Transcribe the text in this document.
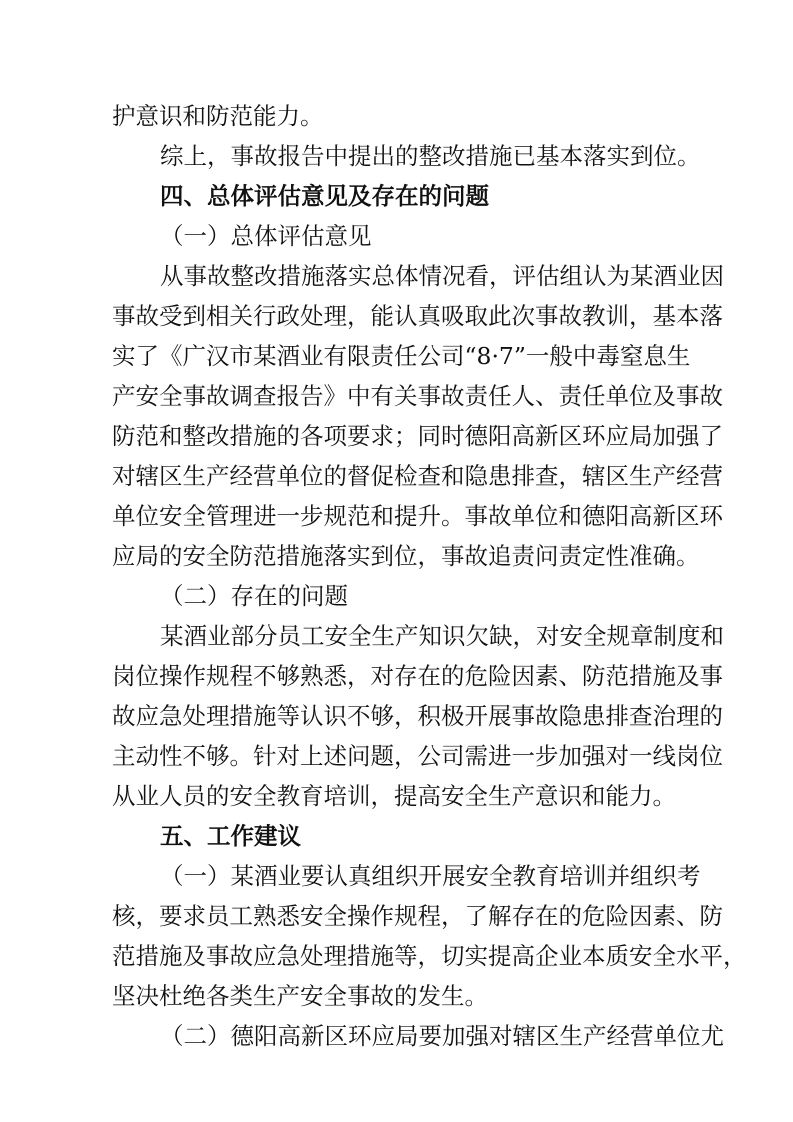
护意识和防范能力。
综上，事故报告中提出的整改措施已基本落实到位。
四、总体评估意见及存在的问题
（一）总体评估意见
从事故整改措施落实总体情况看，评估组认为某酒业因
事故受到相关行政处理，能认真吸取此次事故教训，基本落
实了《广汉市某酒业有限责任公司“8·7”一般中毒窒息生
产安全事故调查报告》中有关事故责任人、责任单位及事故
防范和整改措施的各项要求；同时德阳高新区环应局加强了
对辖区生产经营单位的督促检查和隐患排查，辖区生产经营
单位安全管理进一步规范和提升。事故单位和德阳高新区环
应局的安全防范措施落实到位，事故追责问责定性准确。
（二）存在的问题
某酒业部分员工安全生产知识欠缺，对安全规章制度和
岗位操作规程不够熟悉，对存在的危险因素、防范措施及事
故应急处理措施等认识不够，积极开展事故隐患排查治理的
主动性不够。针对上述问题，公司需进一步加强对一线岗位
从业人员的安全教育培训，提高安全生产意识和能力。
五、工作建议
（一）某酒业要认真组织开展安全教育培训并组织考
核，要求员工熟悉安全操作规程，了解存在的危险因素、防
范措施及事故应急处理措施等，切实提高企业本质安全水平，
坚决杜绝各类生产安全事故的发生。
（二）德阳高新区环应局要加强对辖区生产经营单位尤
